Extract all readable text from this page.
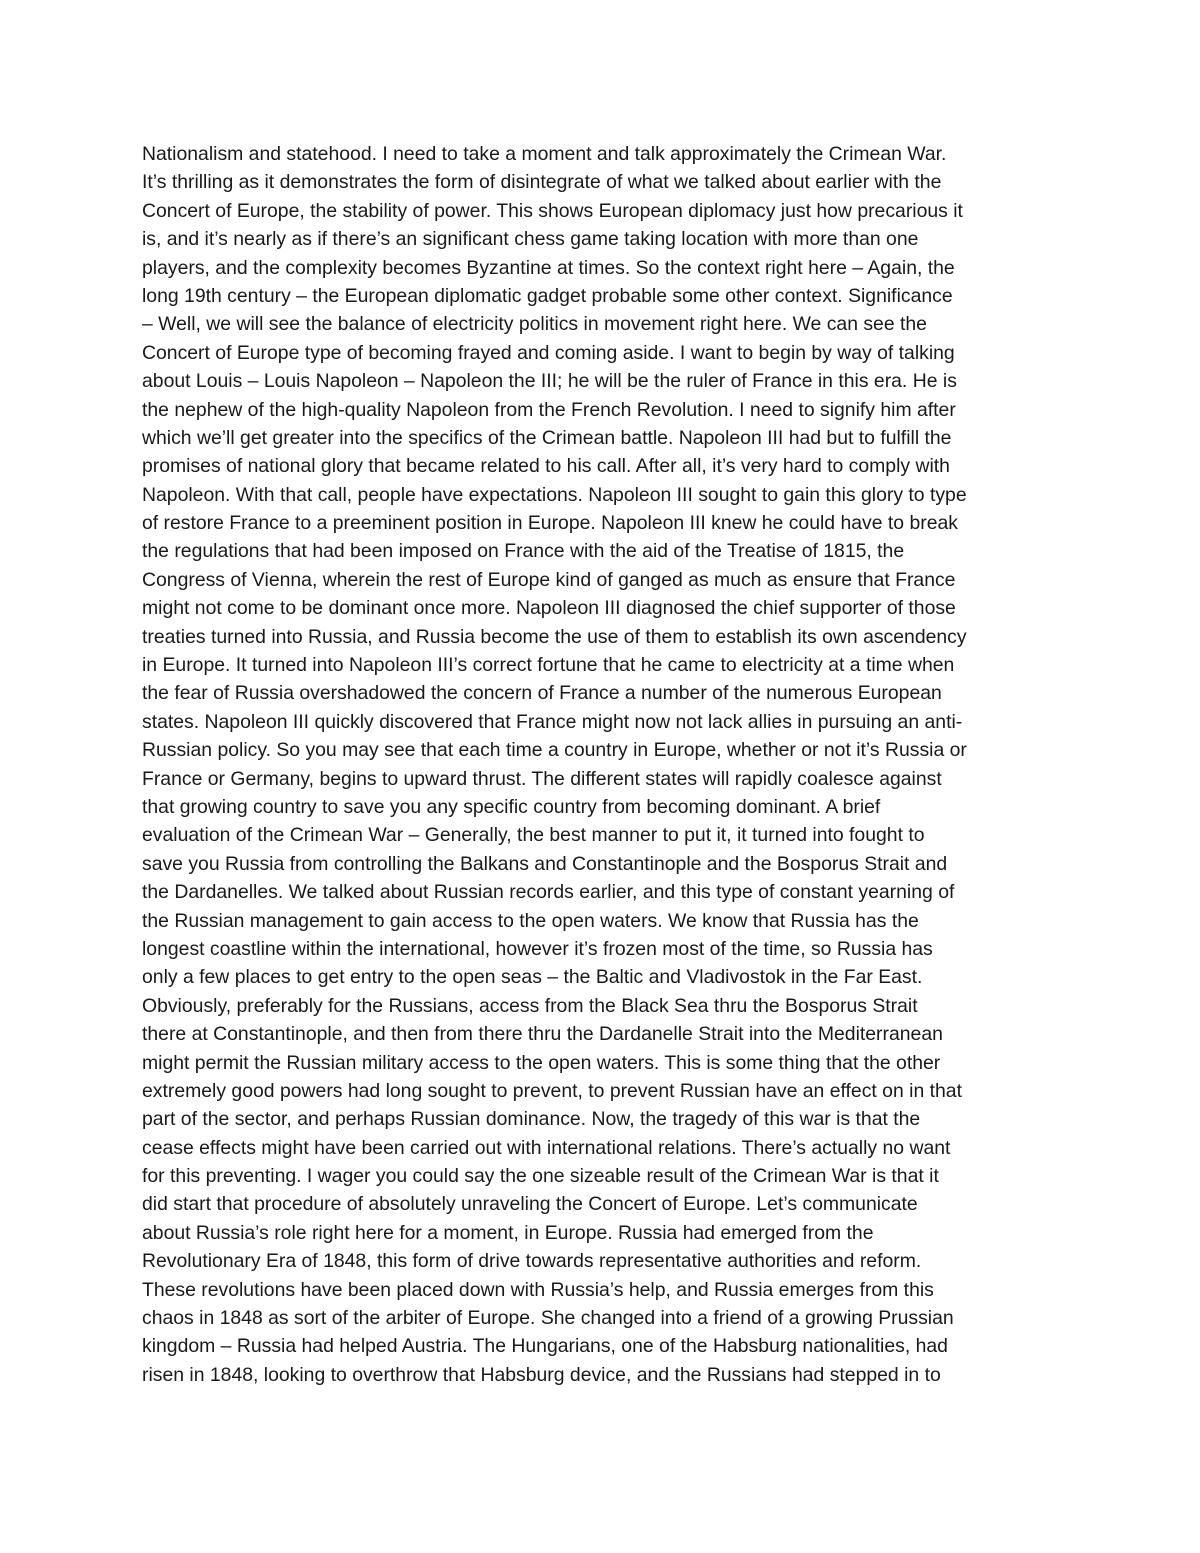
Nationalism and statehood. I need to take a moment and talk approximately the Crimean War.
It’s thrilling as it demonstrates the form of disintegrate of what we talked about earlier with the
Concert of Europe, the stability of power. This shows European diplomacy just how precarious it
is, and it’s nearly as if there’s an significant chess game taking location with more than one
players, and the complexity becomes Byzantine at times. So the context right here – Again, the
long 19th century – the European diplomatic gadget probable some other context. Significance
– Well, we will see the balance of electricity politics in movement right here. We can see the
Concert of Europe type of becoming frayed and coming aside. I want to begin by way of talking
about Louis – Louis Napoleon – Napoleon the III; he will be the ruler of France in this era. He is
the nephew of the high-quality Napoleon from the French Revolution. I need to signify him after
which we’ll get greater into the specifics of the Crimean battle. Napoleon III had but to fulfill the
promises of national glory that became related to his call. After all, it’s very hard to comply with
Napoleon. With that call, people have expectations. Napoleon III sought to gain this glory to type
of restore France to a preeminent position in Europe. Napoleon III knew he could have to break
the regulations that had been imposed on France with the aid of the Treatise of 1815, the
Congress of Vienna, wherein the rest of Europe kind of ganged as much as ensure that France
might not come to be dominant once more. Napoleon III diagnosed the chief supporter of those
treaties turned into Russia, and Russia become the use of them to establish its own ascendency
in Europe. It turned into Napoleon III’s correct fortune that he came to electricity at a time when
the fear of Russia overshadowed the concern of France a number of the numerous European
states. Napoleon III quickly discovered that France might now not lack allies in pursuing an anti-
Russian policy. So you may see that each time a country in Europe, whether or not it’s Russia or
France or Germany, begins to upward thrust. The different states will rapidly coalesce against
that growing country to save you any specific country from becoming dominant. A brief
evaluation of the Crimean War – Generally, the best manner to put it, it turned into fought to
save you Russia from controlling the Balkans and Constantinople and the Bosporus Strait and
the Dardanelles. We talked about Russian records earlier, and this type of constant yearning of
the Russian management to gain access to the open waters. We know that Russia has the
longest coastline within the international, however it’s frozen most of the time, so Russia has
only a few places to get entry to the open seas – the Baltic and Vladivostok in the Far East.
Obviously, preferably for the Russians, access from the Black Sea thru the Bosporus Strait
there at Constantinople, and then from there thru the Dardanelle Strait into the Mediterranean
might permit the Russian military access to the open waters. This is some thing that the other
extremely good powers had long sought to prevent, to prevent Russian have an effect on in that
part of the sector, and perhaps Russian dominance. Now, the tragedy of this war is that the
cease effects might have been carried out with international relations. There’s actually no want
for this preventing. I wager you could say the one sizeable result of the Crimean War is that it
did start that procedure of absolutely unraveling the Concert of Europe. Let’s communicate
about Russia’s role right here for a moment, in Europe. Russia had emerged from the
Revolutionary Era of 1848, this form of drive towards representative authorities and reform.
These revolutions have been placed down with Russia’s help, and Russia emerges from this
chaos in 1848 as sort of the arbiter of Europe. She changed into a friend of a growing Prussian
kingdom – Russia had helped Austria. The Hungarians, one of the Habsburg nationalities, had
risen in 1848, looking to overthrow that Habsburg device, and the Russians had stepped in to
